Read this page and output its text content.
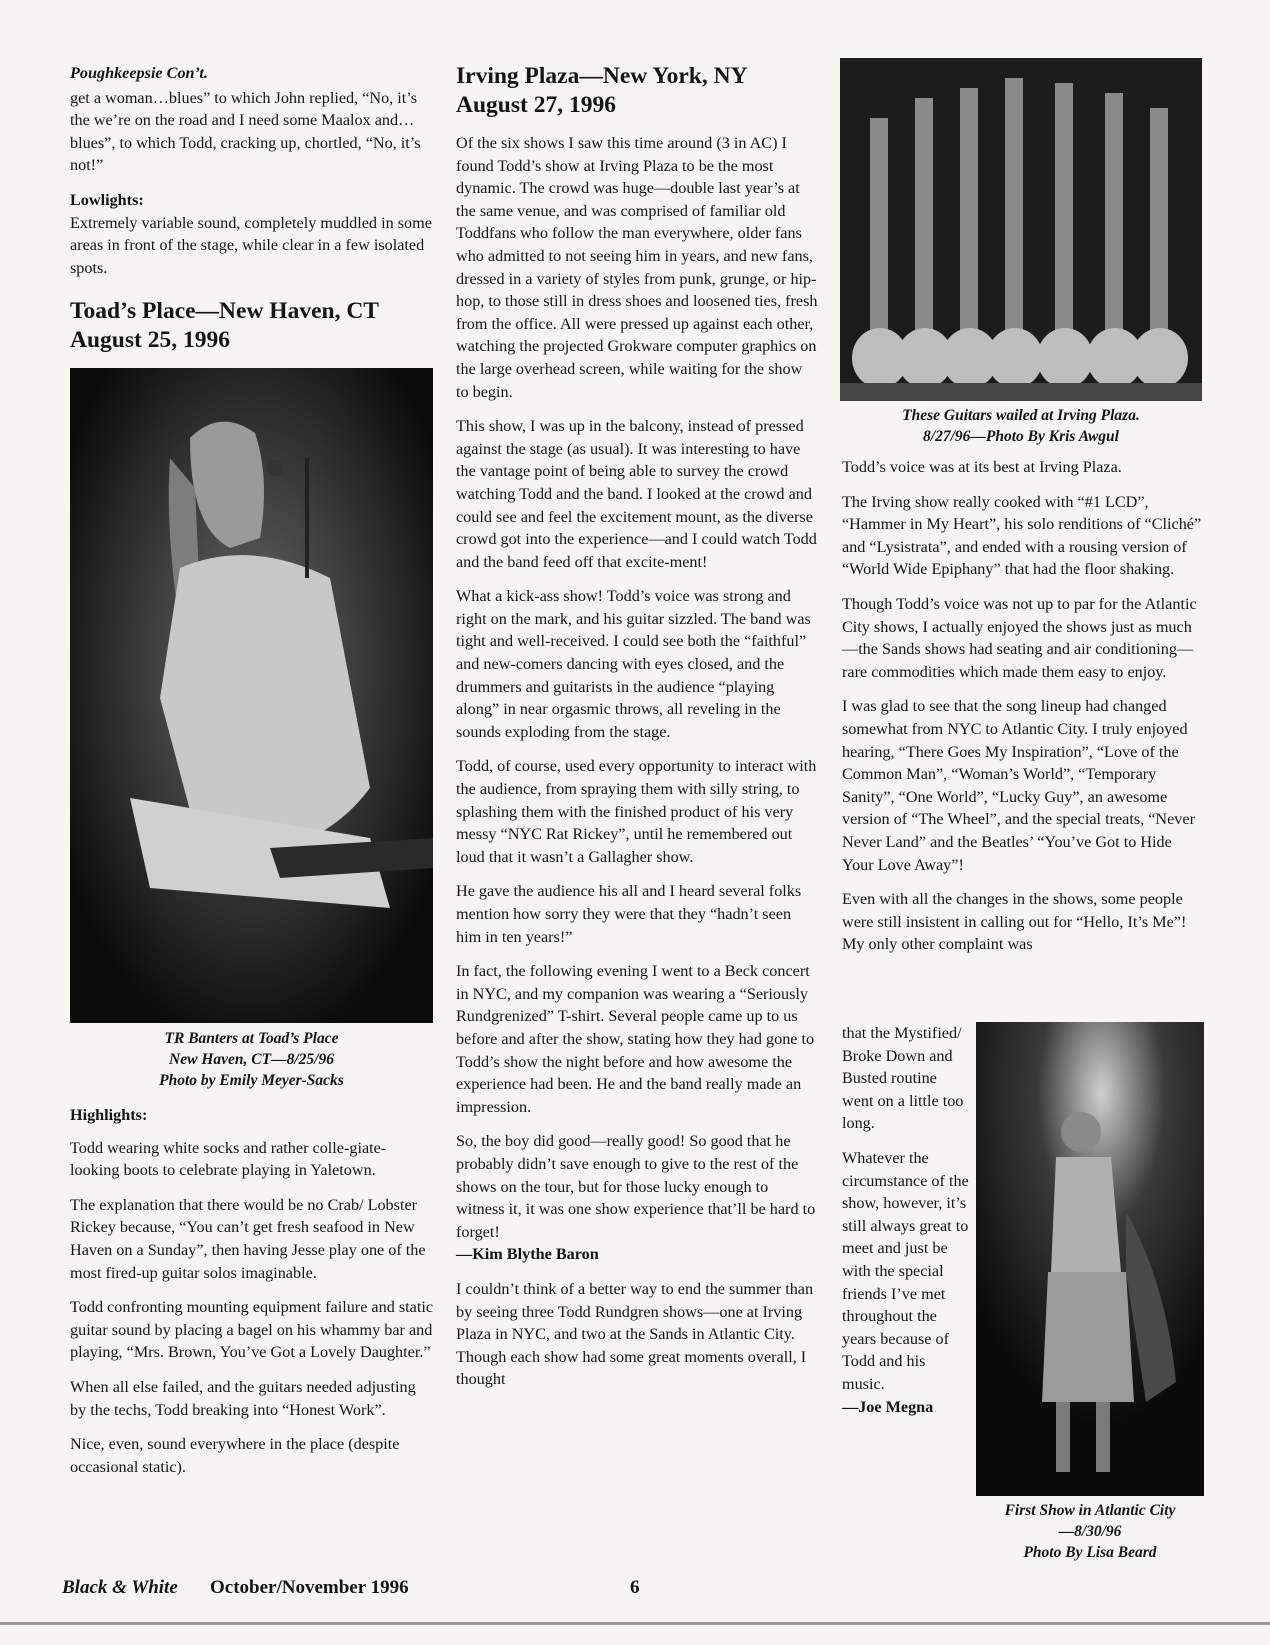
Poughkeepsie Con’t.

get a woman…blues” to which John replied, “No, it’s the we’re on the road and I need some Maalox and…blues”, to which Todd, cracking up, chortled, “No, it’s not!”

Lowlights:

Extremely variable sound, completely muddled in some areas in front of the stage, while clear in a few isolated spots.

Toad’s Place—New Haven, CT
August 25, 1996
TR Banters at Toad’s Place
New Haven, CT—8/25/96
Photo by Emily Meyer-Sacks

Highlights:

Todd wearing white socks and rather colle-giate-looking boots to celebrate playing in Yaletown.

The explanation that there would be no Crab/ Lobster Rickey because, “You can’t get fresh seafood in New Haven on a Sunday”, then having Jesse play one of the most fired-up guitar solos imaginable.

Todd confronting mounting equipment failure and static guitar sound by placing a bagel on his whammy bar and playing, “Mrs. Brown, You’ve Got a Lovely Daughter.”

When all else failed, and the guitars needed adjusting by the techs, Todd breaking into “Honest Work”.

Nice, even, sound everywhere in the place (despite occasional static).

Irving Plaza—New York, NY
August 27, 1996

Of the six shows I saw this time around (3 in AC) I found Todd’s show at Irving Plaza to be the most dynamic. The crowd was huge—double last year’s at the same venue, and was comprised of familiar old Toddfans who follow the man everywhere, older fans who admitted to not seeing him in years, and new fans, dressed in a variety of styles from punk, grunge, or hip-hop, to those still in dress shoes and loosened ties, fresh from the office. All were pressed up against each other, watching the projected Grokware computer graphics on the large overhead screen, while waiting for the show to begin.

This show, I was up in the balcony, instead of pressed against the stage (as usual). It was interesting to have the vantage point of being able to survey the crowd watching Todd and the band. I looked at the crowd and could see and feel the excitement mount, as the diverse crowd got into the experience—and I could watch Todd and the band feed off that excite-ment!

What a kick-ass show! Todd’s voice was strong and right on the mark, and his guitar sizzled. The band was tight and well-received. I could see both the “faithful” and new-comers dancing with eyes closed, and the drummers and guitarists in the audience “playing along” in near orgasmic throws, all reveling in the sounds exploding from the stage.

Todd, of course, used every opportunity to interact with the audience, from spraying them with silly string, to splashing them with the finished product of his very messy “NYC Rat Rickey”, until he remembered out loud that it wasn’t a Gallagher show.

He gave the audience his all and I heard several folks mention how sorry they were that they “hadn’t seen him in ten years!”

In fact, the following evening I went to a Beck concert in NYC, and my companion was wearing a “Seriously Rundgrenized” T-shirt. Several people came up to us before and after the show, stating how they had gone to Todd’s show the night before and how awesome the experience had been. He and the band really made an impression.

So, the boy did good—really good! So good that he probably didn’t save enough to give to the rest of the shows on the tour, but for those lucky enough to witness it, it was one show experience that’ll be hard to forget!

—Kim Blythe Baron

I couldn’t think of a better way to end the summer than by seeing three Todd Rundgren shows—one at Irving Plaza in NYC, and two at the Sands in Atlantic City. Though each show had some great moments overall, I thought

These Guitars wailed at Irving Plaza.
8/27/96—Photo By Kris Awgul

Todd’s voice was at its best at Irving Plaza.

The Irving show really cooked with “#1 LCD”, “Hammer in My Heart”, his solo renditions of “Cliché” and “Lysistrata”, and ended with a rousing version of “World Wide Epiphany” that had the floor shaking.

Though Todd’s voice was not up to par for the Atlantic City shows, I actually enjoyed the shows just as much—the Sands shows had seating and air conditioning—rare commodities which made them easy to enjoy.

I was glad to see that the song lineup had changed somewhat from NYC to Atlantic City. I truly enjoyed hearing, “There Goes My Inspiration”, “Love of the Common Man”, “Woman’s World”, “Temporary Sanity”, “One World”, “Lucky Guy”, an awesome version of “The Wheel”, and the special treats, “Never Never Land” and the Beatles’ “You’ve Got to Hide Your Love Away”!

Even with all the changes in the shows, some people were still insistent in calling out for “Hello, It’s Me”! My only other complaint was

that the Mystified/ Broke Down and Busted routine went on a little too long.

Whatever the circumstance of the show, however, it’s still always great to meet and just be with the special friends I’ve met throughout the years because of Todd and his music.

—Joe Megna

First Show in Atlantic City
—8/30/96
Photo By Lisa Beard
Black & White October/November 1996	6
